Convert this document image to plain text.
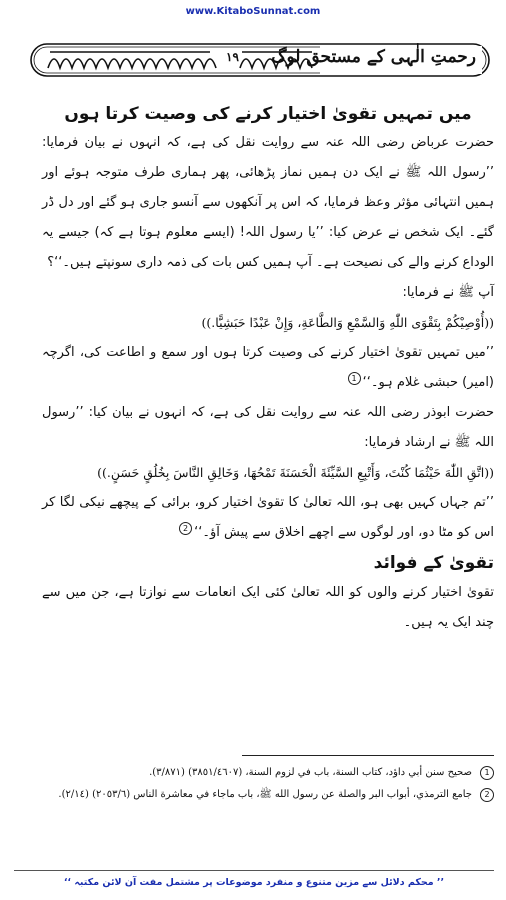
www.KitaboSunnat.com
رحمتِ الٰہی کے مستحق لوگ
۱۹

میں تمہیں تقویٰ اختیار کرنے کی وصیت کرتا ہوں

حضرت عرباض رضی اللہ عنہ سے روایت نقل کی ہے، کہ انہوں نے بیان فرمایا: ’’رسول اللہ ﷺ نے ایک دن ہمیں نماز پڑھائی، پھر ہماری طرف متوجہ ہوئے اور ہمیں انتہائی مؤثر وعظ فرمایا، کہ اس پر آنکھوں سے آنسو جاری ہو گئے اور دل ڈر گئے۔ ایک شخص نے عرض کیا: ’’یا رسول اللہ! (ایسے معلوم ہوتا ہے کہ) جیسے یہ الوداع کرنے والے کی نصیحت ہے۔ آپ ہمیں کس بات کی ذمہ داری سونپتے ہیں۔‘‘؟

آپ ﷺ نے فرمایا:

((أُوْصِيْكُمْ بِتَقْوَى اللّٰهِ وَالسَّمْعِ وَالطَّاعَةِ، وَإِنْ عَبْدًا حَبَشِيًّا.))

’’میں تمہیں تقویٰ اختیار کرنے کی وصیت کرتا ہوں اور سمع و اطاعت کی، اگرچہ (امیر) حبشی غلام ہو۔‘‘1

حضرت ابوذر رضی اللہ عنہ سے روایت نقل کی ہے، کہ انہوں نے بیان کیا: ’’رسول اللہ ﷺ نے ارشاد فرمایا:

((اتَّقِ اللّٰهَ حَيْثُمَا كُنْتَ، وَأَتْبِعِ السَّيِّئَةَ الْحَسَنَةَ تَمْحُهَا، وَخَالِقِ النَّاسَ بِخُلُقٍ حَسَنٍ.))

’’تم جہاں کہیں بھی ہو، اللہ تعالیٰ کا تقویٰ اختیار کرو، برائی کے پیچھے نیکی لگا کر اس کو مٹا دو، اور لوگوں سے اچھے اخلاق سے پیش آؤ۔‘‘2

تقویٰ کے فوائد

تقویٰ اختیار کرنے والوں کو اللہ تعالیٰ کئی ایک انعامات سے نوازتا ہے، جن میں سے چند ایک یہ ہیں۔

1
صحيح سنن أبي داؤد، كتاب السنة، باب في لزوم السنة، (٣٨٥١/٤٦٠٧) (٣/٨٧١).
2
جامع الترمذي، أبواب البر والصلة عن رسول الله ﷺ، باب ماجاء في معاشرة الناس (٢٠٥٣/٦) (٢/١٤).
’’ محکم دلائل سے مزین متنوع و منفرد موضوعات پر مشتمل مفت آن لائن مکتبہ ‘‘
